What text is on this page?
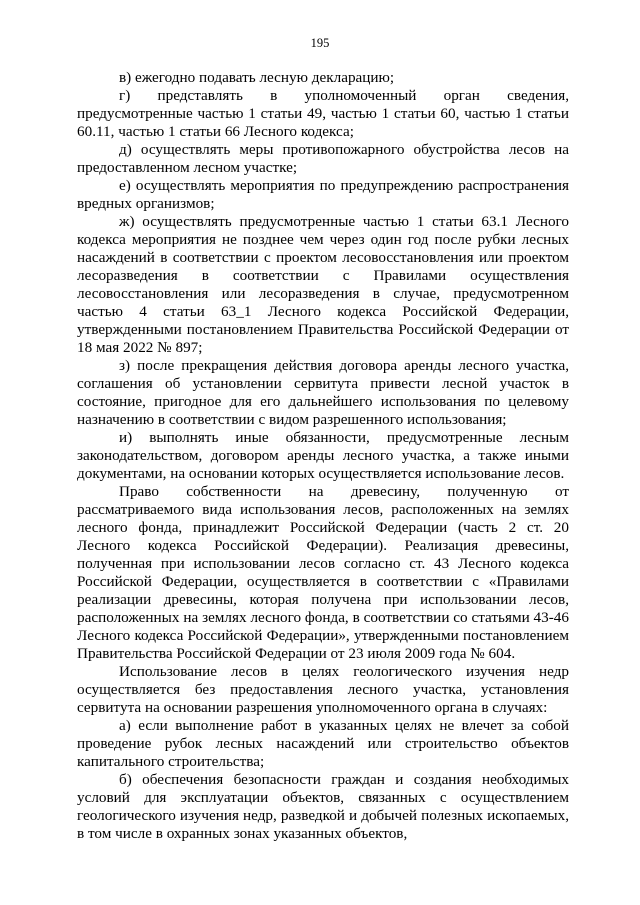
195

в) ежегодно подавать лесную декларацию;

г) представлять в уполномоченный орган сведения, предусмотренные частью 1 статьи 49, частью 1 статьи 60, частью 1 статьи 60.11, частью 1 статьи 66 Лесного кодекса;

д) осуществлять меры противопожарного обустройства лесов на предоставленном лесном участке;

е) осуществлять мероприятия по предупреждению распространения вредных организмов;

ж) осуществлять предусмотренные частью 1 статьи 63.1 Лесного кодекса мероприятия не позднее чем через один год после рубки лесных насаждений в соответствии с проектом лесовосстановления или проектом лесоразведения в соответствии с Правилами осуществления лесовосстановления или лесоразведения в случае, предусмотренном частью 4 статьи 63_1 Лесного кодекса Российской Федерации, утвержденными постановлением Правительства Российской Федерации от 18 мая 2022 № 897;

з) после прекращения действия договора аренды лесного участка, соглашения об установлении сервитута привести лесной участок в состояние, пригодное для его дальнейшего использования по целевому назначению в соответствии с видом разрешенного использования;

и) выполнять иные обязанности, предусмотренные лесным законодательством, договором аренды лесного участка, а также иными документами, на основании которых осуществляется использование лесов.

Право собственности на древесину, полученную от рассматриваемого вида использования лесов, расположенных на землях лесного фонда, принадлежит Российской Федерации (часть 2 ст. 20 Лесного кодекса Российской Федерации). Реализация древесины, полученная при использовании лесов согласно ст. 43 Лесного кодекса Российской Федерации, осуществляется в соответствии с «Правилами реализации древесины, которая получена при использовании лесов, расположенных на землях лесного фонда, в соответствии со статьями 43-46 Лесного кодекса Российской Федерации», утвержденными постановлением Правительства Российской Федерации от 23 июля 2009 года № 604.

Использование лесов в целях геологического изучения недр осуществляется без предоставления лесного участка, установления сервитута на основании разрешения уполномоченного органа в случаях:

а) если выполнение работ в указанных целях не влечет за собой проведение рубок лесных насаждений или строительство объектов капитального строительства;

б) обеспечения безопасности граждан и создания необходимых условий для эксплуатации объектов, связанных с осуществлением геологического изучения недр, разведкой и добычей полезных ископаемых, в том числе в охранных зонах указанных объектов,
